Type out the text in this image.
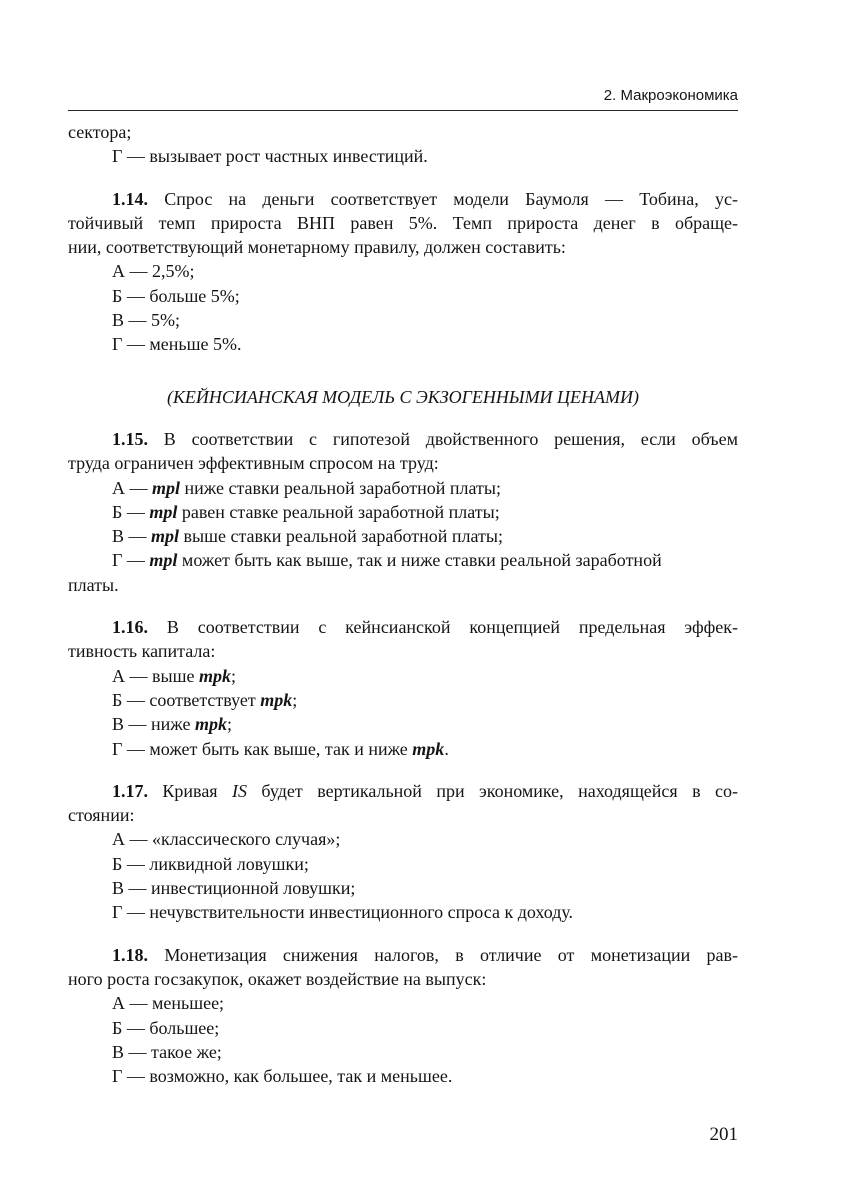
2. Макроэкономика

сектора;

Г — вызывает рост частных инвестиций.

1.14. Спрос на деньги соответствует модели Баумоля — Тобина, ус-

тойчивый темп прироста ВНП равен 5%. Темп прироста денег в обраще-

нии, соответствующий монетарному правилу, должен составить:

А — 2,5%;

Б — больше 5%;

В — 5%;

Г — меньше 5%.

(КЕЙНСИАНСКАЯ МОДЕЛЬ С ЭКЗОГЕННЫМИ ЦЕНАМИ)

1.15. В соответствии с гипотезой двойственного решения, если объем

труда ограничен эффективным спросом на труд:

А — mpl ниже ставки реальной заработной платы;

Б — mpl равен ставке реальной заработной платы;

В — mpl выше ставки реальной заработной платы;

Г — mpl может быть как выше, так и ниже ставки реальной заработной

платы.

1.16. В соответствии с кейнсианской концепцией предельная эффек-

тивность капитала:

А — выше mpk;

Б — соответствует mpk;

В — ниже mpk;

Г — может быть как выше, так и ниже mpk.

1.17. Кривая IS будет вертикальной при экономике, находящейся в со-

стоянии:

А — «классического случая»;

Б — ликвидной ловушки;

В — инвестиционной ловушки;

Г — нечувствительности инвестиционного спроса к доходу.

1.18. Монетизация снижения налогов, в отличие от монетизации рав-

ного роста госзакупок, окажет воздействие на выпуск:

А — меньшее;

Б — большее;

В — такое же;

Г — возможно, как большее, так и меньшее.

201
